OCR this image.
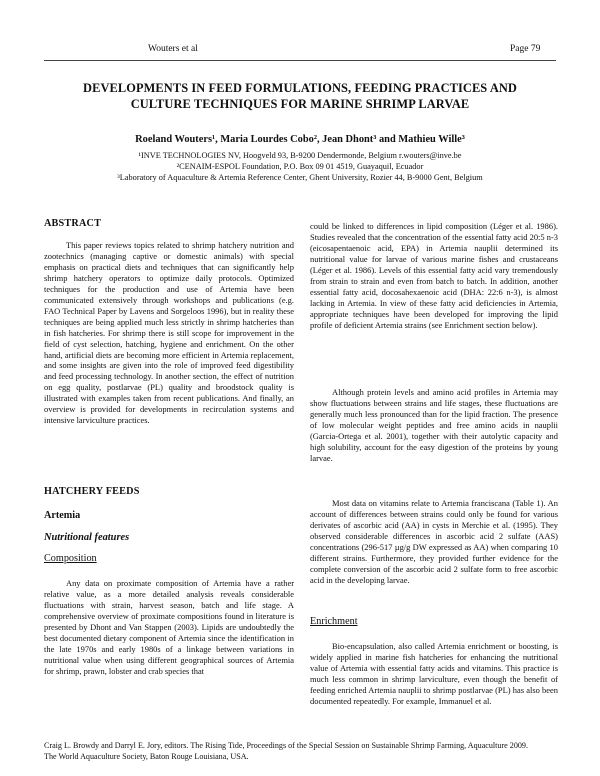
Wouters et al	Page 79
DEVELOPMENTS IN FEED FORMULATIONS, FEEDING PRACTICES AND
CULTURE TECHNIQUES FOR MARINE SHRIMP LARVAE
Roeland Wouters¹, Maria Lourdes Cobo², Jean Dhont³ and Mathieu Wille³
¹INVE TECHNOLOGIES NV, Hoogveld 93, B-9200 Dendermonde, Belgium r.wouters@inve.be
²CENAIM-ESPOL Foundation, P.O. Box 09 01 4519, Guayaquil, Ecuador
³Laboratory of Aquaculture & Artemia Reference Center, Ghent University, Rozier 44, B-9000 Gent, Belgium
ABSTRACT

This paper reviews topics related to shrimp hatchery nutrition and zootechnics (managing captive or domestic animals) with special emphasis on practical diets and techniques that can significantly help shrimp hatchery operators to optimize daily protocols. Optimized techniques for the production and use of Artemia have been communicated extensively through workshops and publications (e.g. FAO Technical Paper by Lavens and Sorgeloos 1996), but in reality these techniques are being applied much less strictly in shrimp hatcheries than in fish hatcheries. For shrimp there is still scope for improvement in the field of cyst selection, hatching, hygiene and enrichment. On the other hand, artificial diets are becoming more efficient in Artemia replacement, and some insights are given into the role of improved feed digestibility and feed processing technology. In another section, the effect of nutrition on egg quality, postlarvae (PL) quality and broodstock quality is illustrated with examples taken from recent publications. And finally, an overview is provided for developments in recirculation systems and intensive larviculture practices.

HATCHERY FEEDS
Artemia
Nutritional features
Composition

Any data on proximate composition of Artemia have a rather relative value, as a more detailed analysis reveals considerable fluctuations with strain, harvest season, batch and life stage. A comprehensive overview of proximate compositions found in literature is presented by Dhont and Van Stappen (2003). Lipids are undoubtedly the best documented dietary component of Artemia since the identification in the late 1970s and early 1980s of a linkage between variations in nutritional value when using different geographical sources of Artemia for shrimp, prawn, lobster and crab species that

could be linked to differences in lipid composition (Léger et al. 1986). Studies revealed that the concentration of the essential fatty acid 20:5 n-3 (eicosapentaenoic acid, EPA) in Artemia nauplii determined its nutritional value for larvae of various marine fishes and crustaceans (Léger et al. 1986). Levels of this essential fatty acid vary tremendously from strain to strain and even from batch to batch. In addition, another essential fatty acid, docosahexaenoic acid (DHA: 22:6 n-3), is almost lacking in Artemia. In view of these fatty acid deficiencies in Artemia, appropriate techniques have been developed for improving the lipid profile of deficient Artemia strains (see Enrichment section below).

Although protein levels and amino acid profiles in Artemia may show fluctuations between strains and life stages, these fluctuations are generally much less pronounced than for the lipid fraction. The presence of low molecular weight peptides and free amino acids in nauplii (Garcia-Ortega et al. 2001), together with their autolytic capacity and high solubility, account for the easy digestion of the proteins by young larvae.

Most data on vitamins relate to Artemia franciscana (Table 1). An account of differences between strains could only be found for various derivates of ascorbic acid (AA) in cysts in Merchie et al. (1995). They observed considerable differences in ascorbic acid 2 sulfate (AAS) concentrations (296-517 µg/g DW expressed as AA) when comparing 10 different strains. Furthermore, they provided further evidence for the complete conversion of the ascorbic acid 2 sulfate form to free ascorbic acid in the developing larvae.

Enrichment

Bio-encapsulation, also called Artemia enrichment or boosting, is widely applied in marine fish hatcheries for enhancing the nutritional value of Artemia with essential fatty acids and vitamins. This practice is much less common in shrimp larviculture, even though the benefit of feeding enriched Artemia nauplii to shrimp postlarvae (PL) has also been documented repeatedly. For example, Immanuel et al.

Craig L. Browdy and Darryl E. Jory, editors. The Rising Tide, Proceedings of the Special Session on Sustainable Shrimp Farming, Aquaculture 2009.
The World Aquaculture Society, Baton Rouge Louisiana, USA.
